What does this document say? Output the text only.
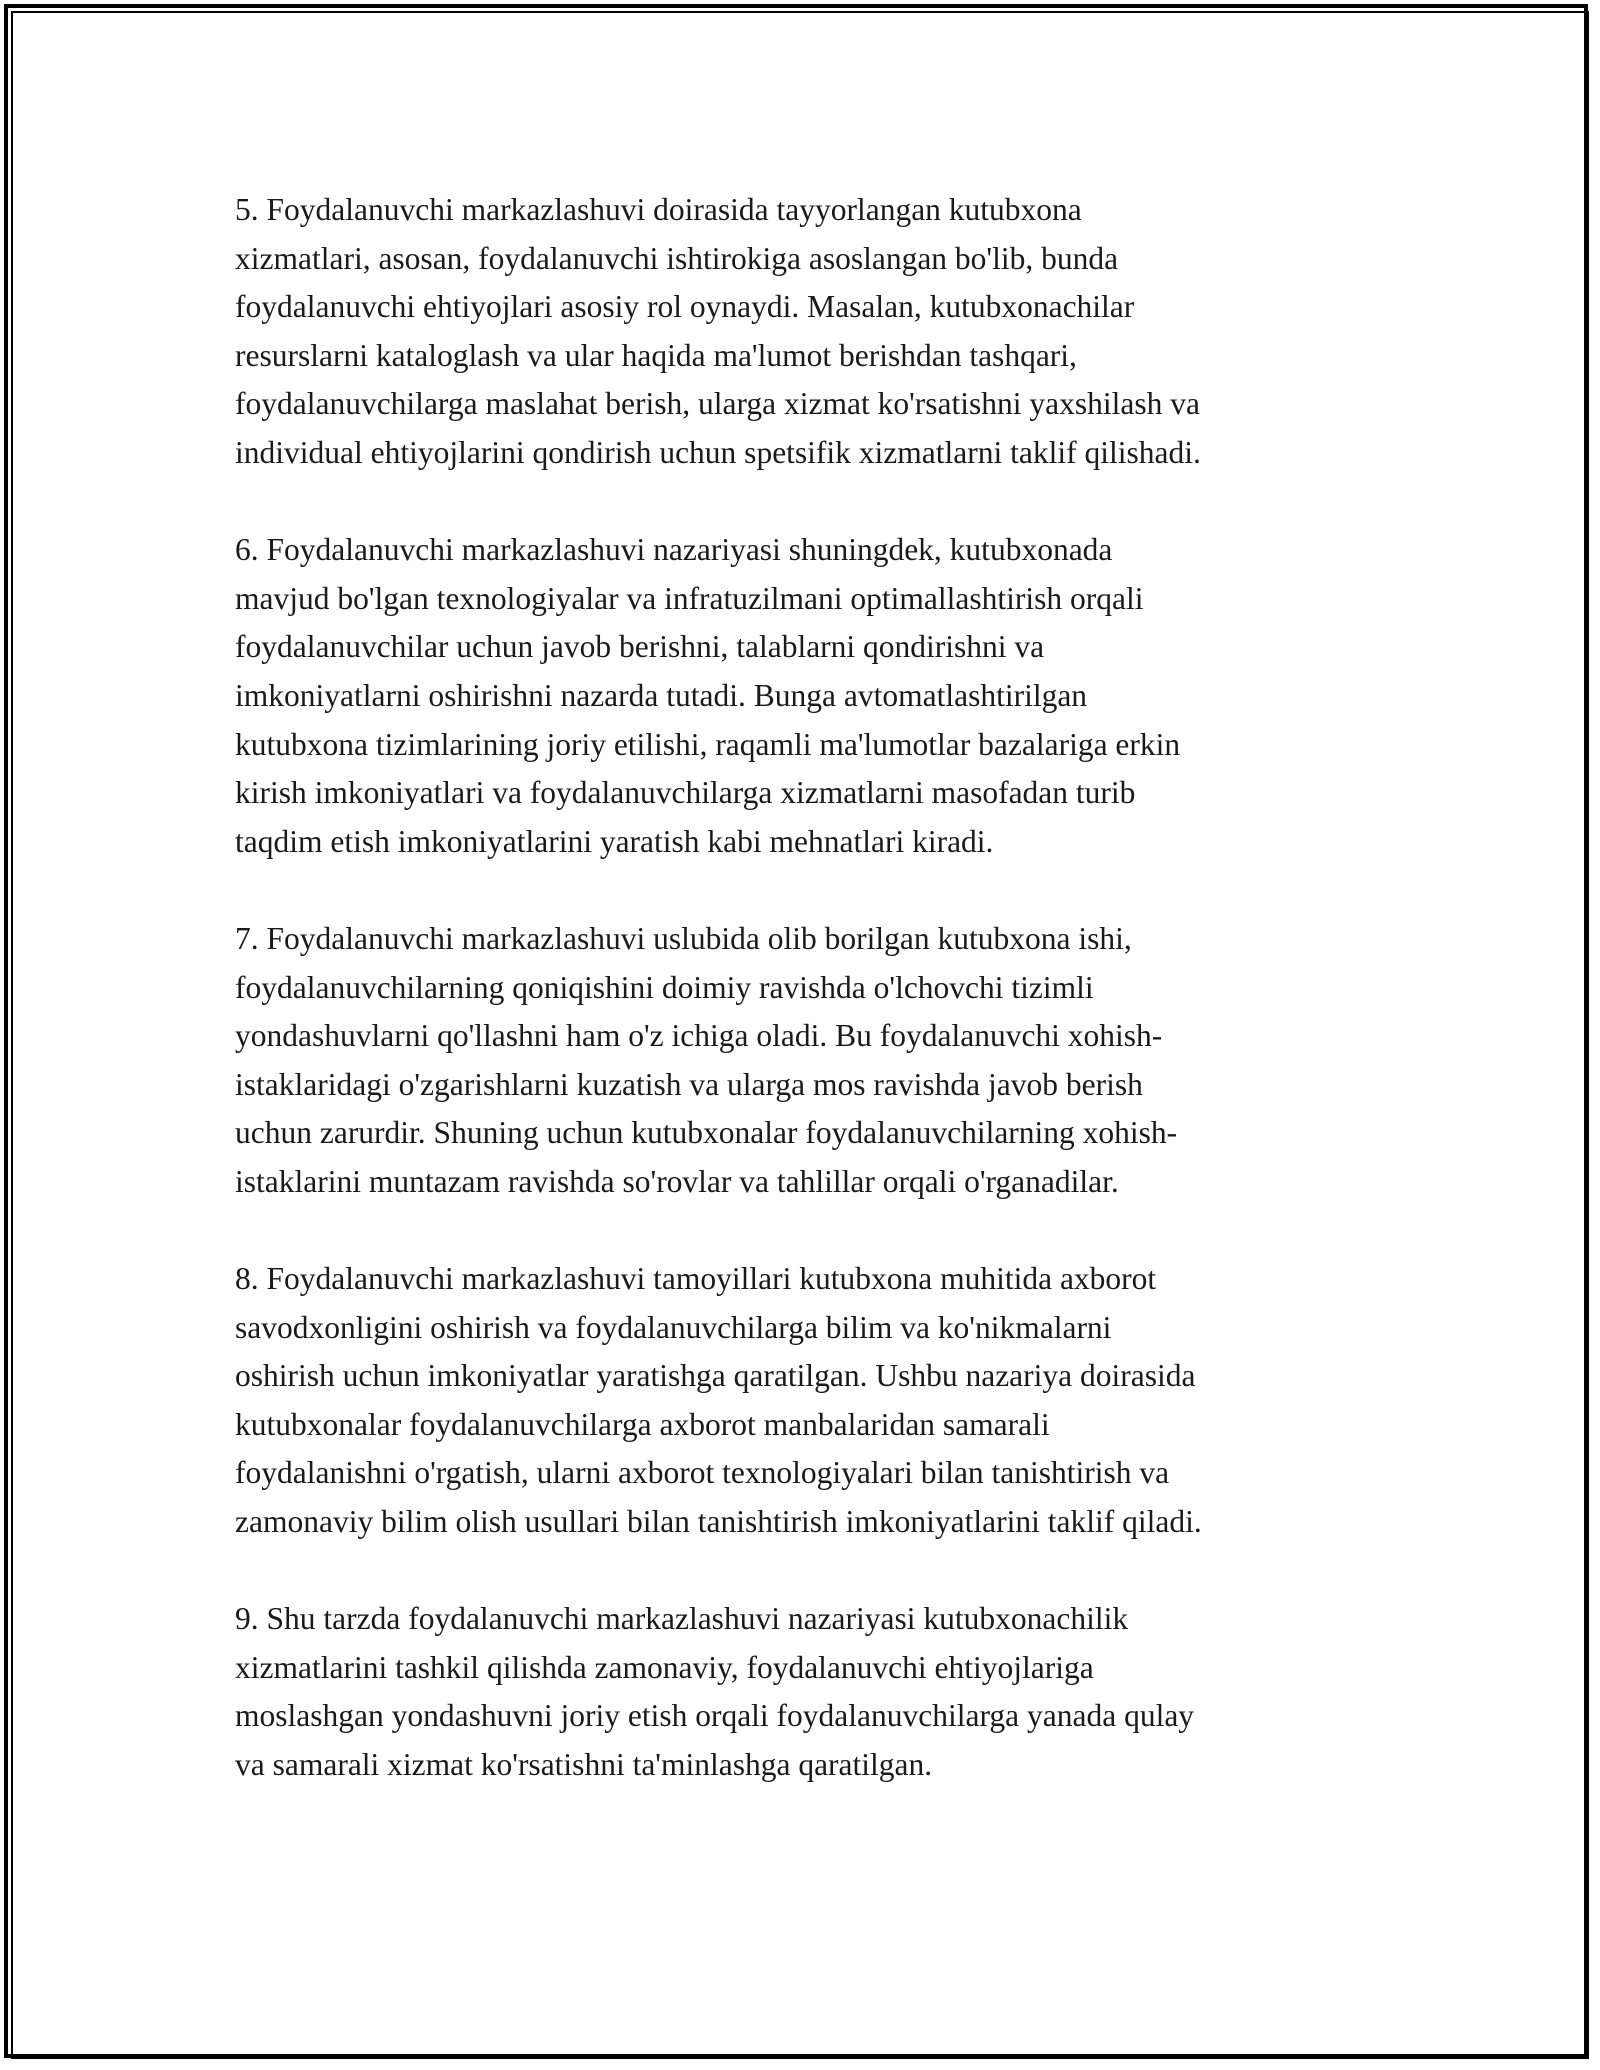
5. Foydalanuvchi markazlashuvi doirasida tayyorlangan kutubxona
xizmatlari, asosan, foydalanuvchi ishtirokiga asoslangan bo'lib, bunda
foydalanuvchi ehtiyojlari asosiy rol oynaydi. Masalan, kutubxonachilar
resurslarni kataloglash va ular haqida ma'lumot berishdan tashqari,
foydalanuvchilarga maslahat berish, ularga xizmat ko'rsatishni yaxshilash va
individual ehtiyojlarini qondirish uchun spetsifik xizmatlarni taklif qilishadi.

6. Foydalanuvchi markazlashuvi nazariyasi shuningdek, kutubxonada
mavjud bo'lgan texnologiyalar va infratuzilmani optimallashtirish orqali
foydalanuvchilar uchun javob berishni, talablarni qondirishni va
imkoniyatlarni oshirishni nazarda tutadi. Bunga avtomatlashtirilgan
kutubxona tizimlarining joriy etilishi, raqamli ma'lumotlar bazalariga erkin
kirish imkoniyatlari va foydalanuvchilarga xizmatlarni masofadan turib
taqdim etish imkoniyatlarini yaratish kabi mehnatlari kiradi.

7. Foydalanuvchi markazlashuvi uslubida olib borilgan kutubxona ishi,
foydalanuvchilarning qoniqishini doimiy ravishda o'lchovchi tizimli
yondashuvlarni qo'llashni ham o'z ichiga oladi. Bu foydalanuvchi xohish-
istaklaridagi o'zgarishlarni kuzatish va ularga mos ravishda javob berish
uchun zarurdir. Shuning uchun kutubxonalar foydalanuvchilarning xohish-
istaklarini muntazam ravishda so'rovlar va tahlillar orqali o'rganadilar.

8. Foydalanuvchi markazlashuvi tamoyillari kutubxona muhitida axborot
savodxonligini oshirish va foydalanuvchilarga bilim va ko'nikmalarni
oshirish uchun imkoniyatlar yaratishga qaratilgan. Ushbu nazariya doirasida
kutubxonalar foydalanuvchilarga axborot manbalaridan samarali
foydalanishni o'rgatish, ularni axborot texnologiyalari bilan tanishtirish va
zamonaviy bilim olish usullari bilan tanishtirish imkoniyatlarini taklif qiladi.

9. Shu tarzda foydalanuvchi markazlashuvi nazariyasi kutubxonachilik
xizmatlarini tashkil qilishda zamonaviy, foydalanuvchi ehtiyojlariga
moslashgan yondashuvni joriy etish orqali foydalanuvchilarga yanada qulay
va samarali xizmat ko'rsatishni ta'minlashga qaratilgan.
